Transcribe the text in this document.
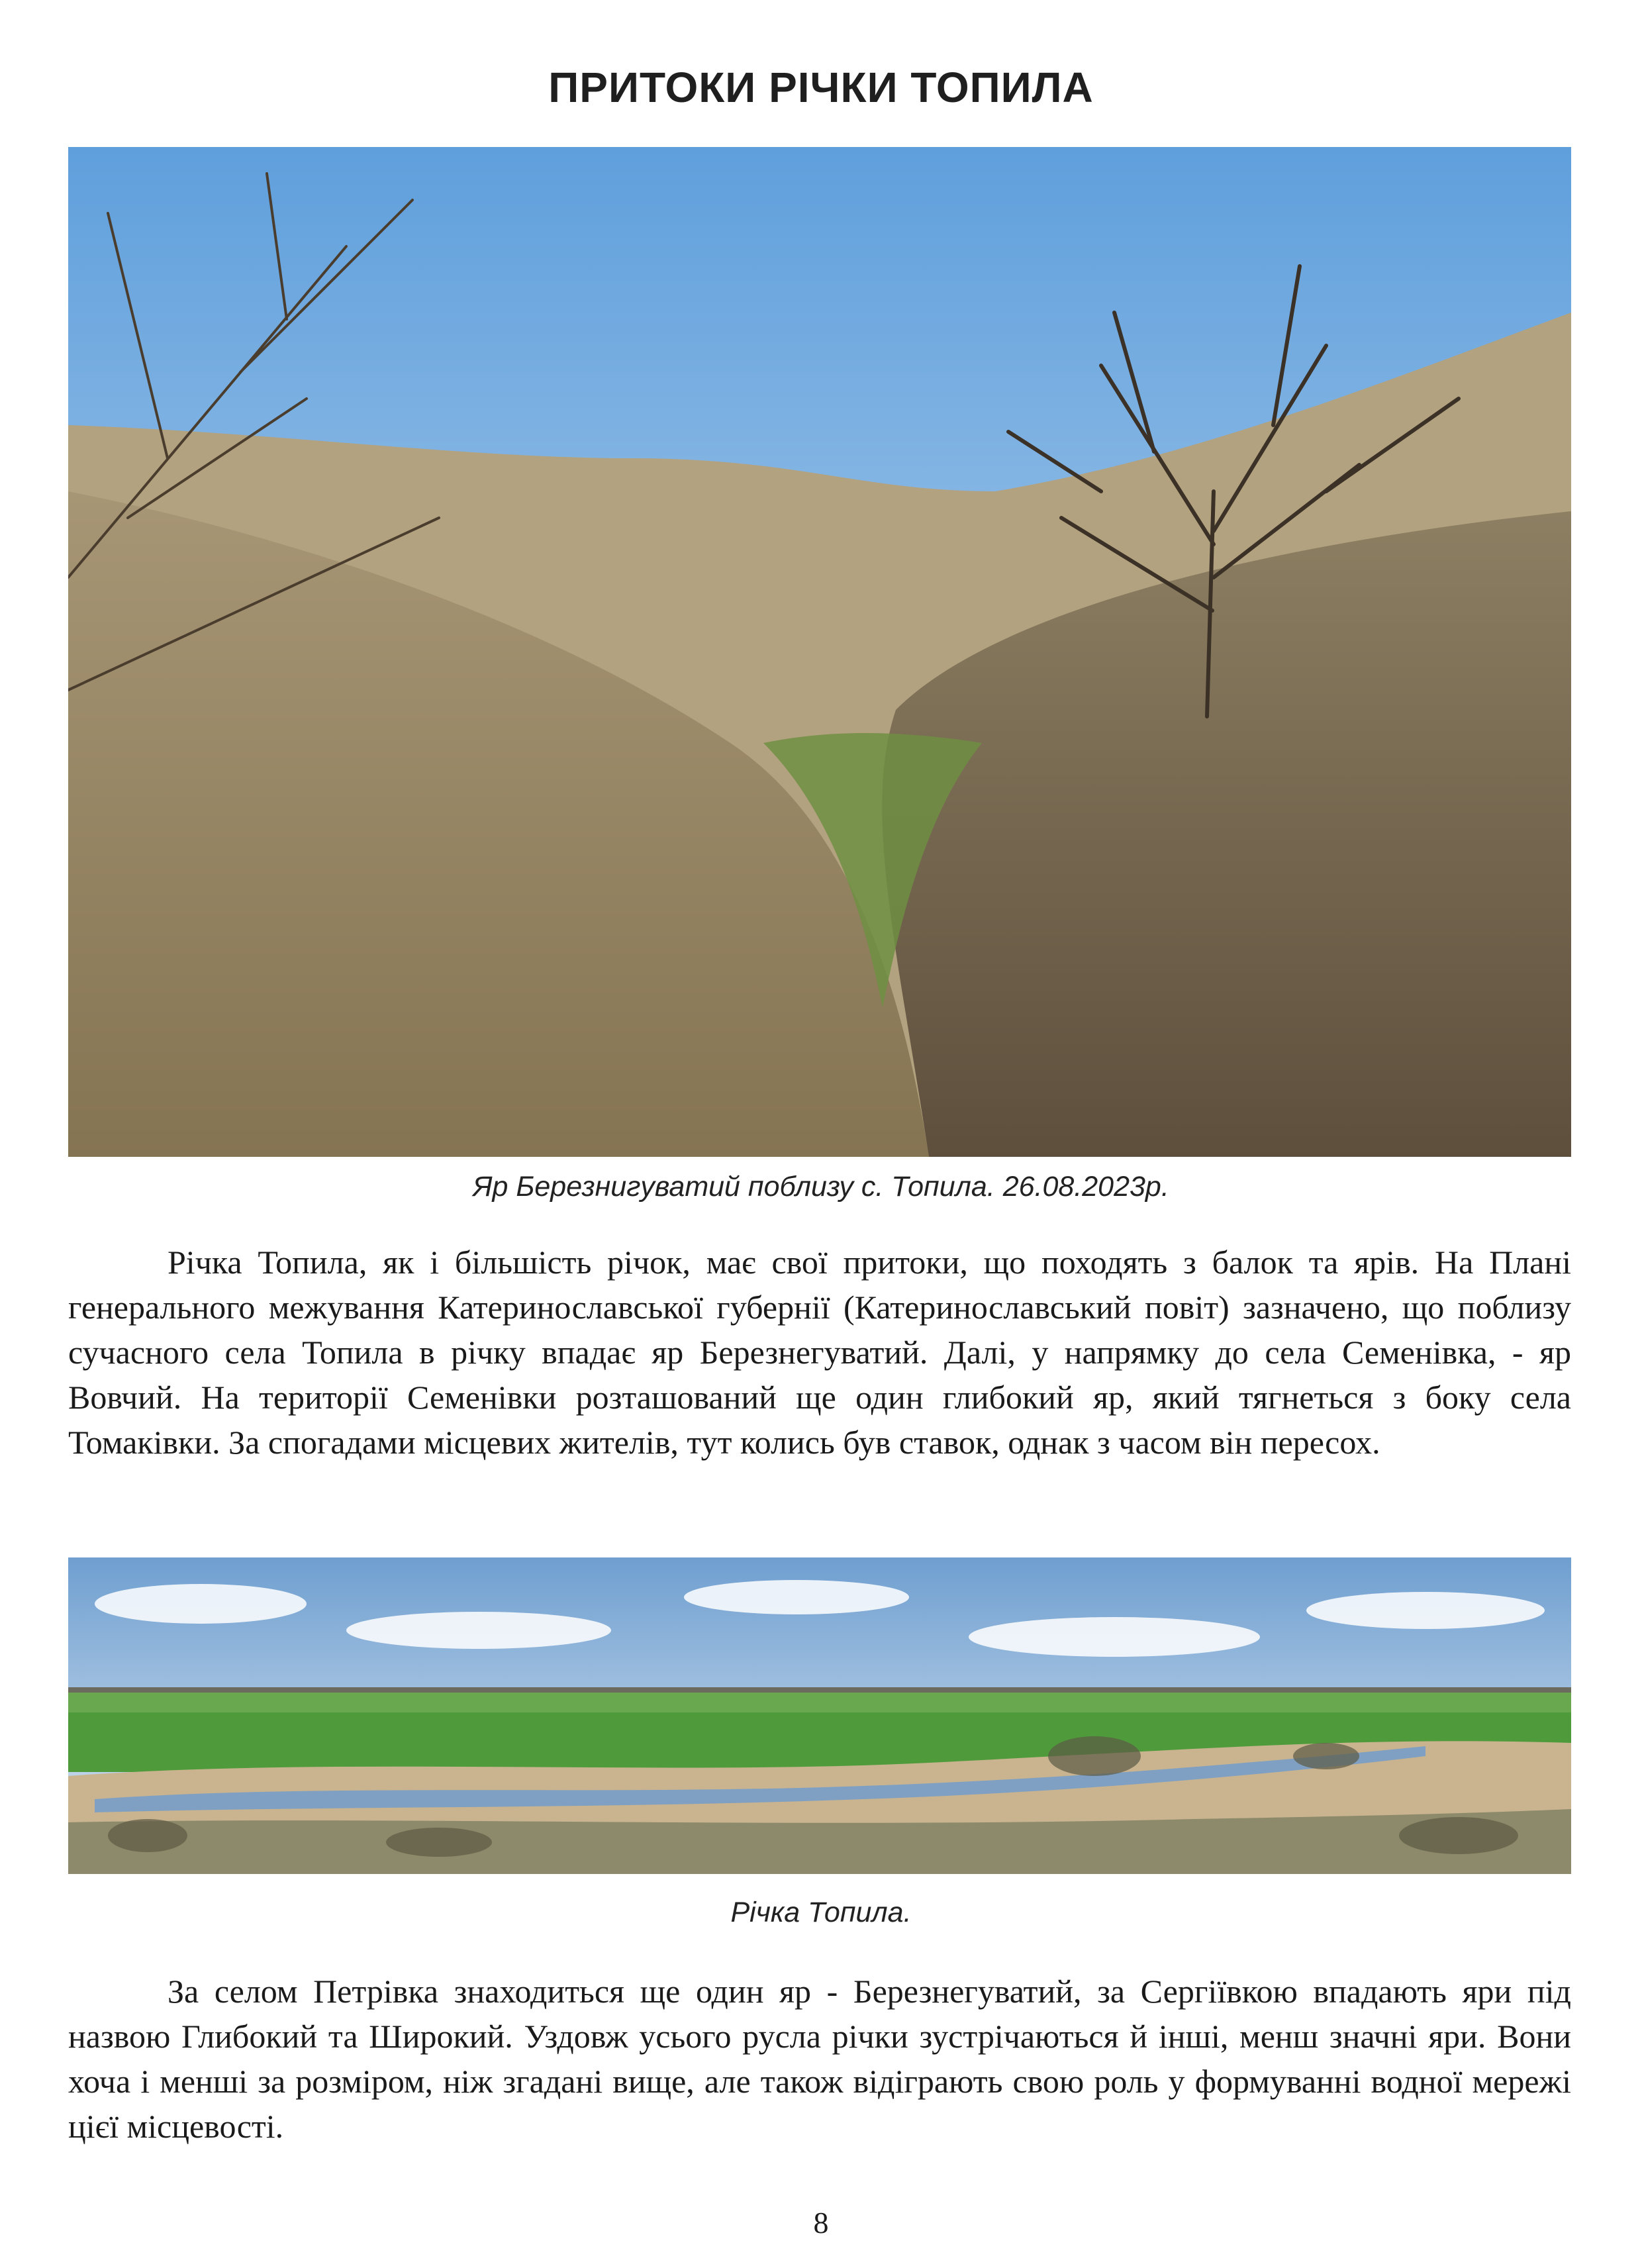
ПРИТОКИ РІЧКИ ТОПИЛА
Яр Березнигуватий поблизу с. Топила. 26.08.2023р.
Річка Топила, як і більшість річок, має свої притоки, що походять з балок та ярів. На Плані генерального межування Катеринославської губернії (Катеринославський повіт) зазначено, що поблизу сучасного села Топила в річку впадає яр Березнегуватий. Далі, у напрямку до села Семенівка, - яр Вовчий. На території Семенівки розташований ще один глибокий яр, який тягнеться з боку села Томаківки. За спогадами місцевих жителів, тут колись був ставок, однак з часом він пересох.
Річка Топила.
За селом Петрівка знаходиться ще один яр - Березнегуватий, за Сергіївкою впадають яри під назвою Глибокий та Широкий. Уздовж усього русла річки зустрічаються й інші, менш значні яри. Вони хоча і менші за розміром, ніж згадані вище, але також відіграють свою роль у формуванні водної мережі цієї місцевості.
8
